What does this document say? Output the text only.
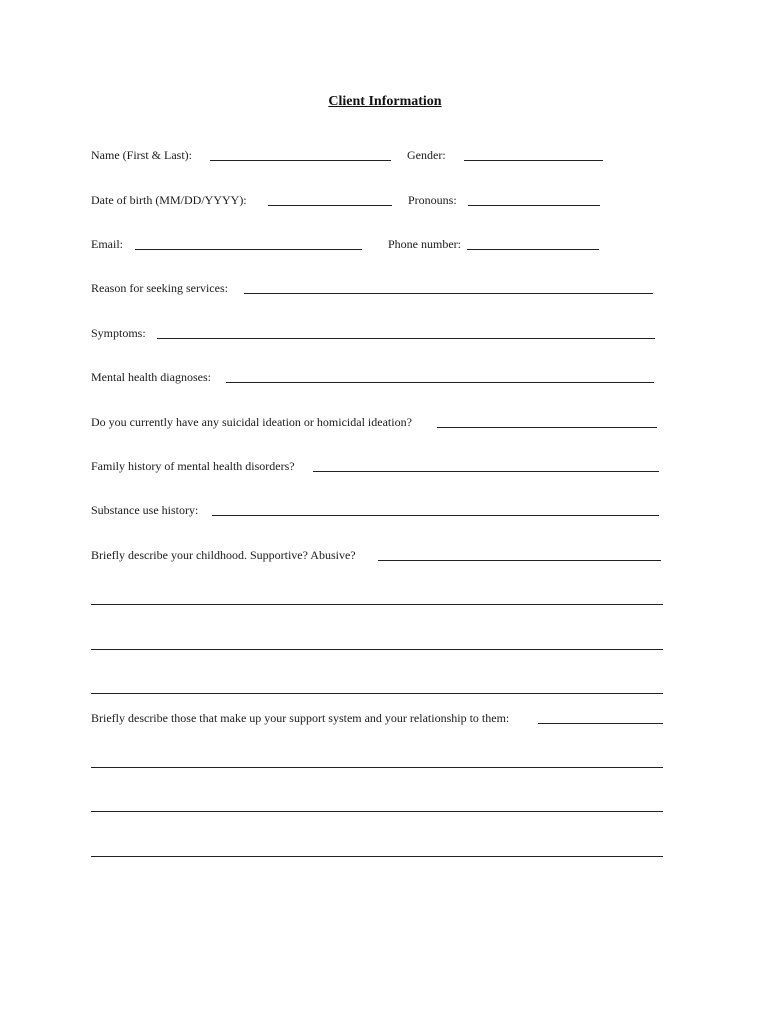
Client Information
Name (First & Last):	Gender:
Date of birth (MM/DD/YYYY):	Pronouns:
Email:	Phone number:
Reason for seeking services:
Symptoms:
Mental health diagnoses:
Do you currently have any suicidal ideation or homicidal ideation?
Family history of mental health disorders?
Substance use history:
Briefly describe your childhood. Supportive? Abusive?
Briefly describe those that make up your support system and your relationship to them:
